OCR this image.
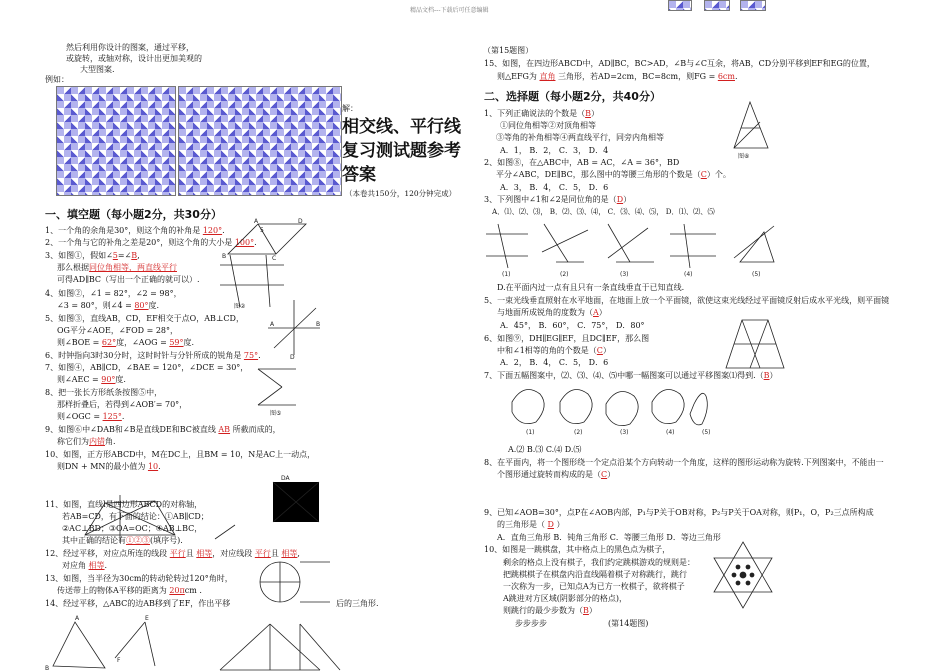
精品文档---下载后可任意编辑
然后利用你设计的图案，通过平移，
或旋转，或轴对称，设计出更加美观的
大型图案.
例如：
解：
相交线、平行线
复习测试题参考
答案
（本卷共150分，120分钟完成）
一、填空题（每小题2分，共30分）
1、一个角的余角是30°，则这个角的补角是 120°.
2、一个角与它的补角之差是20°，则这个角的大小是 100°.
3、如图①，假如∠5=∠B,
那么根据同位角相等，两直线平行
可得AD∥BC（写出一个正确的就可以）.
4、如图②，∠1 = 82°，∠2 = 98°，
∠3 = 80°，则∠4 = 80°度.
5、如图③，直线AB，CD，EF相交于点O，AB⊥CD，
OG平分∠AOE，∠FOD = 28°，
则∠BOE = 62°度，∠AOG = 59°度.
6、时钟指向3时30分时，这时时针与分针所成的锐角是 75°.
7、如图④，AB∥CD，∠BAE = 120°，∠DCE = 30°，
则∠AEC = 90°度.
8、把一张长方形纸条按图⑤中，
那样折叠后，若得到∠AOB′= 70°，
则∠OGC = 125°.
9、如图⑥中∠DAB和∠B是直线DE和BC被直线 AB 所截而成的，
称它们为内错角.
10、如图，正方形ABCD中，M在DC上，且BM = 10，N是AC上一动点，
则DN + MN的最小值为 10.
11、如图，直线l是四边形ABCD的对称轴，
若AB=CD，有下面的结论：①AB∥CD；
②AC⊥BD；③OA=OC；④AB⊥BC，
其中正确的结论有①②③(填序号).
12、经过平移，对应点所连的线段 平行且 相等，对应线段 平行且 相等,
对应角 相等.
13、如图，当半径为30cm的转动轮转过120°角时，
传送带上的物体A平移的距离为 20πcm .
14、经过平移，△ABC的边AB移到了EF，作出平移	后的三角形.
5
A	D
B	C
图②
A	B
D
图⑤
DA
A
B
E
F
（第15题图）
15、如图，在四边形ABCD中，AD∥BC，BC>AD，∠B与∠C互余，将AB，CD分别平移到EF和EG的位置，
则△EFG为 直角 三角形，若AD=2cm，BC=8cm，则FG = 6cm.
二、选择题（每小题2分，共40分）
1、下列正确说法的个数是（B）
①同位角相等②对顶角相等
③等角的补角相等④两直线平行，同旁内角相等
A．1， B．2， C．3， D．4
2、如图⑧，在△ABC中，AB = AC，∠A = 36°，BD
平分∠ABC，DE∥BC，那么图中的等腰三角形的个数是（C）个。
A．3， B．4， C．5， D．6
3、下列图中∠1和∠2是同位角的是（D）
A．⑴、⑵、⑶， B．⑵、⑶、⑷， C．⑶、⑷、⑸， D．⑴、⑵、⑸
D.在平面内过一点有且只有一条直线垂直于已知直线.
5、一束光线垂直照射在水平地面，在地面上放一个平面镜，欲使这束光线经过平面镜反射后成水平光线，则平面镜
与地面所成锐角的度数为（A）
A．45°， B．60°， C．75°， D．80°
6、如图⑨，DH∥EG∥EF，且DC∥EF，那么图
中和∠1相等的角的个数是（C）
A．2， B．4， C．5， D．6
7、下面五幅图案中，⑵、⑶、⑷、⑸中哪一幅图案可以通过平移图案⑴得到.（B）
A.⑵ B.⑶ C.⑷ D.⑸
8、在平面内，将一个图形绕一个定点沿某个方向转动一个角度，这样的图形运动称为旋转.下列图案中，不能由一
个图形通过旋转而构成的是（C）
9、已知∠AOB=30°，点P在∠AOB内部，P₁与P关于OB对称，P₂与P关于OA对称，则P₁，O，P₂三点所构成
的三角形是（ D ）
A．直角三角形 B．钝角三角形 C．等腰三角形 D．等边三角形
10、如图是一跳棋盘，其中格点上的黑色点为棋子，
剩余的格点上没有棋子，我们约定跳棋游戏的规则是：
把跳棋棋子在棋盘内沿直线隔着棋子对称跳行，跳行
一次称为一步，已知点A为已方一枚棋子，欲将棋子
A跳进对方区域(阴影部分的格点)，
则跳行的最少步数为（B）
步步步步	(第14题图)
图⑧
(1)	(2)	(3)	(4)	(5)
(1)	(2)	(3)	(4)	(5)
